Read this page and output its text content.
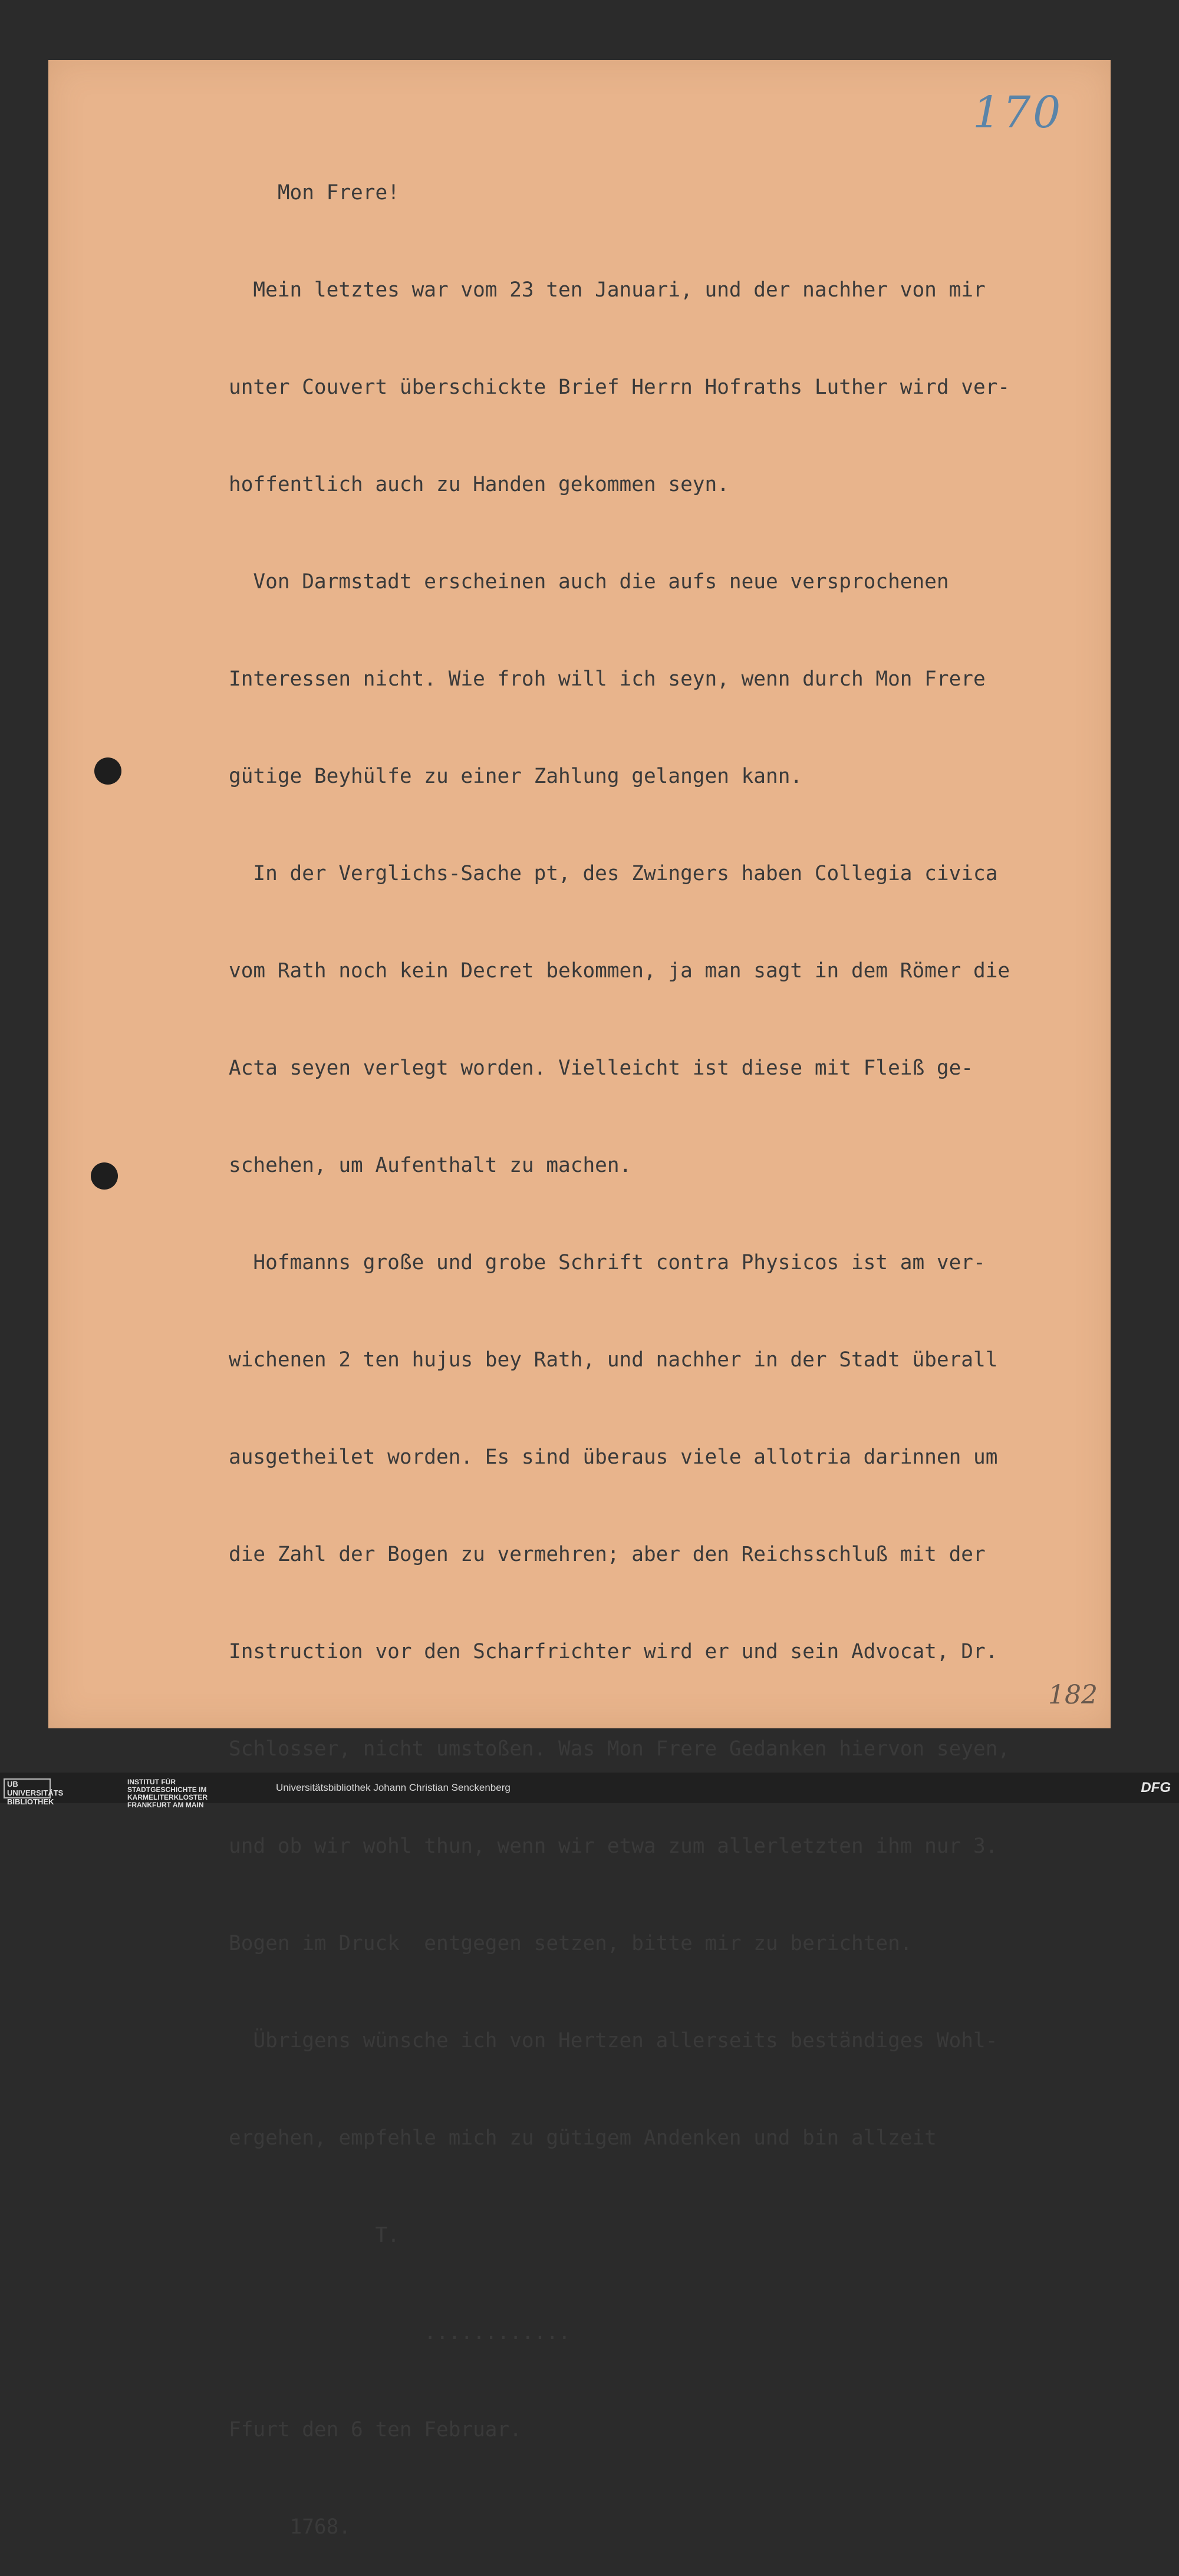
170
182

Mon Frere!

Mein letztes war vom 23 ten Januari, und der nachher von mir

unter Couvert überschickte Brief Herrn Hofraths Luther wird ver-

hoffentlich auch zu Handen gekommen seyn.

Von Darmstadt erscheinen auch die aufs neue versprochenen

Interessen nicht. Wie froh will ich seyn, wenn durch Mon Frere

gütige Beyhülfe zu einer Zahlung gelangen kann.

In der Verglichs-Sache pt, des Zwingers haben Collegia civica

vom Rath noch kein Decret bekommen, ja man sagt in dem Römer die

Acta seyen verlegt worden. Vielleicht ist diese mit Fleiß ge-

schehen, um Aufenthalt zu machen.

Hofmanns große und grobe Schrift contra Physicos ist am ver-

wichenen 2 ten hujus bey Rath, und nachher in der Stadt überall

ausgetheilet worden. Es sind überaus viele allotria darinnen um

die Zahl der Bogen zu vermehren; aber den Reichsschluß mit der

Instruction vor den Scharfrichter wird er und sein Advocat, Dr.

Schlosser, nicht umstoßen. Was Mon Frere Gedanken hiervon seyen,

und ob wir wohl thun, wenn wir etwa zum allerletzten ihm nur 3.

Bogen im Druck  entgegen setzen, bitte mir zu berichten.

Übrigens wünsche ich von Hertzen allerseits beständiges Wohl-

ergehen, empfehle mich zu gütigem Andenken und bin allzeit

T.

............

Ffurt den 6 ten Februar.

1768.

UB UNIVERSITÄTS BIBLIOTHEK
INSTITUT FÜR STADTGESCHICHTE IM KARMELITERKLOSTER FRANKFURT AM MAIN
Universitätsbibliothek Johann Christian Senckenberg	DFG
